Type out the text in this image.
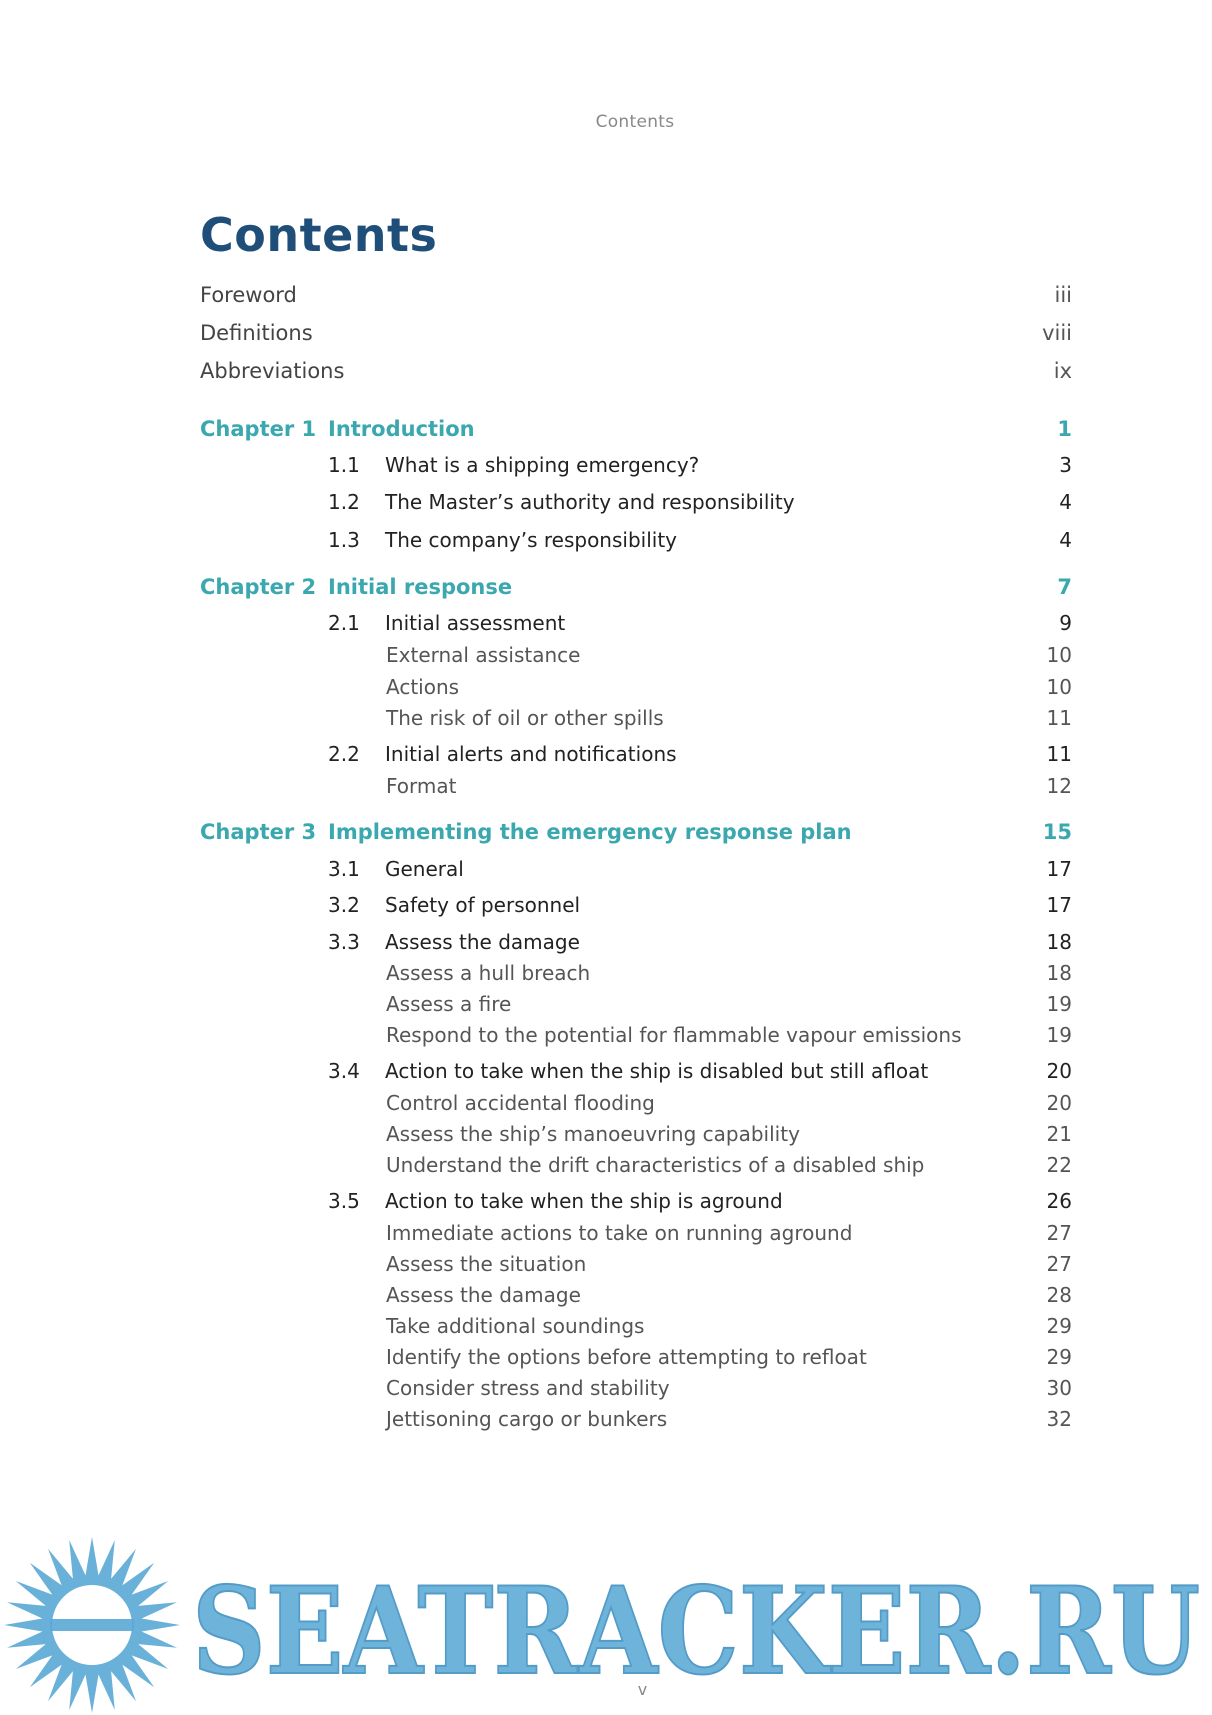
Contents
Contents
Foreword	iii
Definitions	viii
Abbreviations	ix
Chapter 1 Introduction	1
1.1 What is a shipping emergency?	3
1.2 The Master’s authority and responsibility	4
1.3 The company’s responsibility	4
Chapter 2 Initial response	7
2.1 Initial assessment	9
External assistance	10
Actions	10
The risk of oil or other spills	11
2.2 Initial alerts and notifications	11
Format	12
Chapter 3 Implementing the emergency response plan	15
3.1 General	17
3.2 Safety of personnel	17
3.3 Assess the damage	18
Assess a hull breach	18
Assess a fire	19
Respond to the potential for flammable vapour emissions	19
3.4 Action to take when the ship is disabled but still afloat	20
Control accidental flooding	20
Assess the ship’s manoeuvring capability	21
Understand the drift characteristics of a disabled ship	22
3.5 Action to take when the ship is aground	26
Immediate actions to take on running aground	27
Assess the situation	27
Assess the damage	28
Take additional soundings	29
Identify the options before attempting to refloat	29
Consider stress and stability	30
Jettisoning cargo or bunkers	32
SEATRACKER.RU
v
